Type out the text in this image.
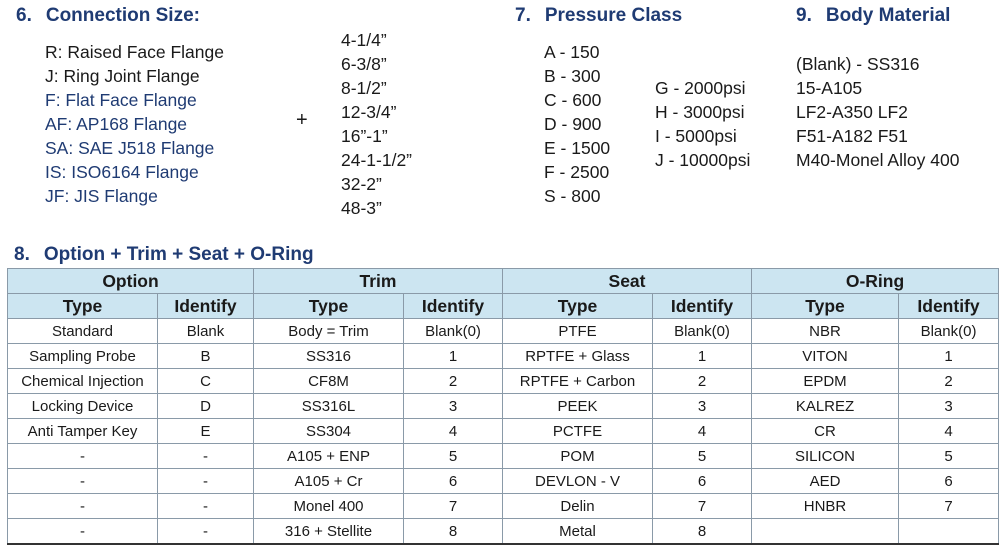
6. Connection Size:
R: Raised Face Flange
J: Ring Joint Flange
F: Flat Face Flange
AF: AP168 Flange
SA: SAE J518 Flange
IS: ISO6164 Flange
JF: JIS Flange
+
4-1/4”
6-3/8”
8-1/2”
12-3/4”
16”-1”
24-1-1/2”
32-2”
48-3”
7. Pressure Class
A - 150
B - 300
C - 600
D - 900
E - 1500
F - 2500
S - 800
G - 2000psi
H - 3000psi
I - 5000psi
J - 10000psi
9. Body Material
(Blank) - SS316
15-A105
LF2-A350 LF2
F51-A182 F51
M40-Monel Alloy 400
8. Option + Trim + Seat + O-Ring
Option		Trim		Seat		O-Ring	
Type	Identify	Type	Identify	Type	Identify	Type	Identify
Standard	Blank	Body = Trim	Blank(0)	PTFE	Blank(0)	NBR	Blank(0)
Sampling Probe	B	SS316	1	RPTFE + Glass	1	VITON	1
Chemical Injection	C	CF8M	2	RPTFE + Carbon	2	EPDM	2
Locking Device	D	SS316L	3	PEEK	3	KALREZ	3
Anti Tamper Key	E	SS304	4	PCTFE	4	CR	4
-	-	A105 + ENP	5	POM	5	SILICON	5
-	-	A105 + Cr	6	DEVLON - V	6	AED	6
-	-	Monel 400	7	Delin	7	HNBR	7
-	-	316 + Stellite	8	Metal	8		
